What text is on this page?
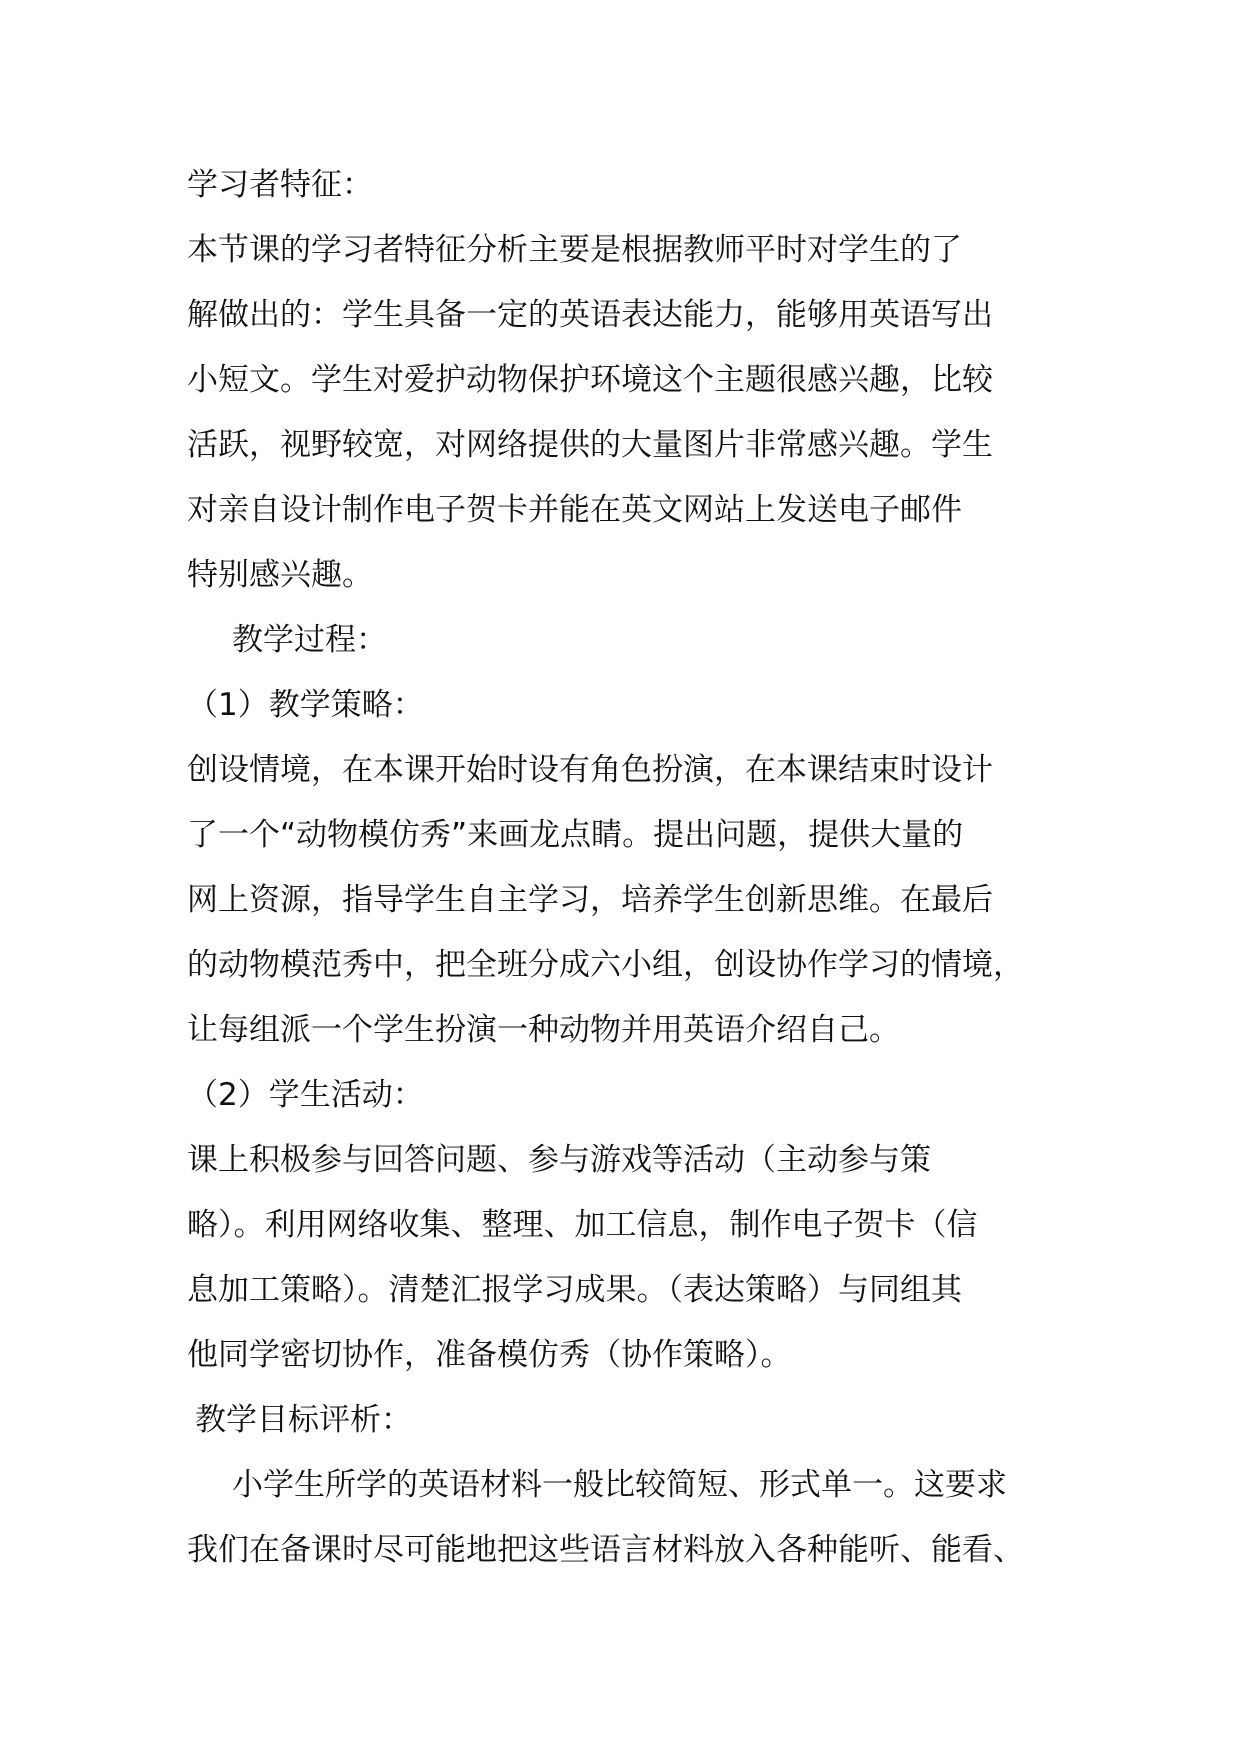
学习者特征：

本节课的学习者特征分析主要是根据教师平时对学生的了

解做出的：学生具备一定的英语表达能力，能够用英语写出

小短文。学生对爱护动物保护环境这个主题很感兴趣，比较

活跃，视野较宽，对网络提供的大量图片非常感兴趣。学生

对亲自设计制作电子贺卡并能在英文网站上发送电子邮件

特别感兴趣。

教学过程：

（1）教学策略：

创设情境，在本课开始时设有角色扮演，在本课结束时设计

了一个“动物模仿秀”来画龙点睛。提出问题，提供大量的

网上资源，指导学生自主学习，培养学生创新思维。在最后

的动物模范秀中，把全班分成六小组，创设协作学习的情境，

让每组派一个学生扮演一种动物并用英语介绍自己。

（2）学生活动：

课上积极参与回答问题、参与游戏等活动（主动参与策

略）。利用网络收集、整理、加工信息，制作电子贺卡（信

息加工策略）。清楚汇报学习成果。（表达策略）与同组其

他同学密切协作，准备模仿秀（协作策略）。

教学目标评析：

小学生所学的英语材料一般比较简短、形式单一。这要求

我们在备课时尽可能地把这些语言材料放入各种能听、能看、
